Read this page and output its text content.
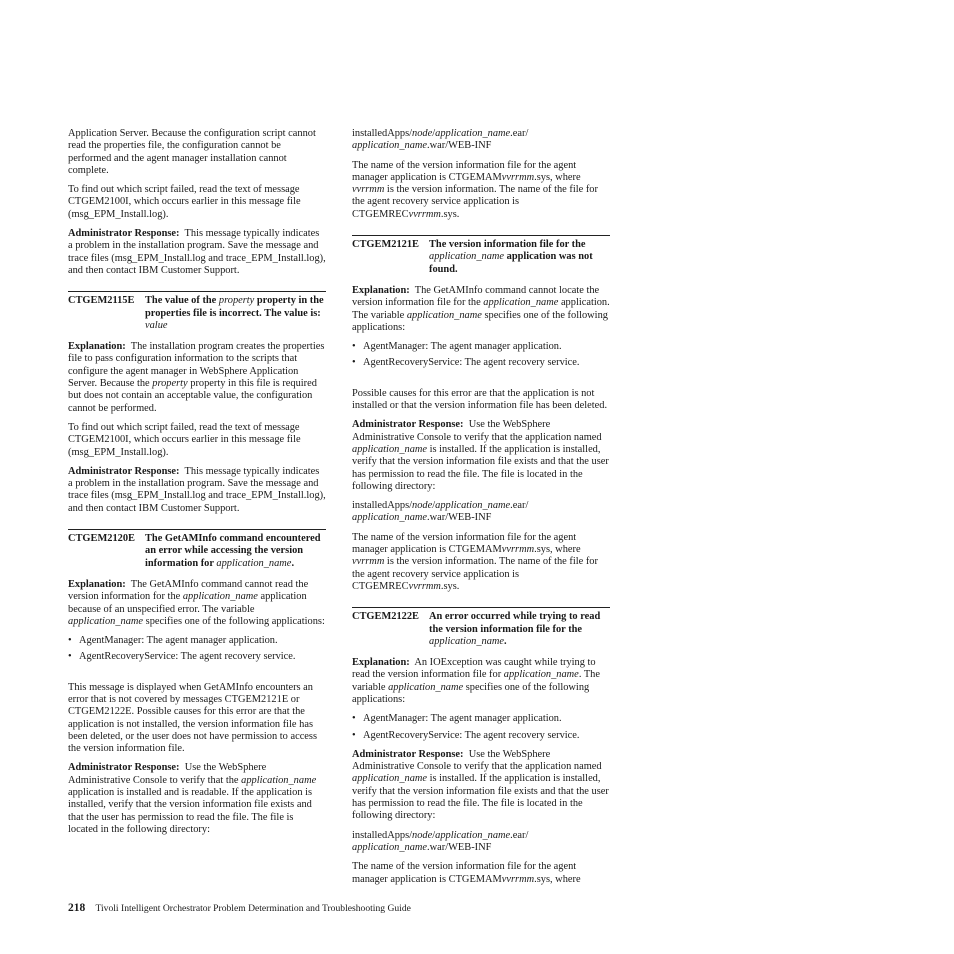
Application Server. Because the configuration script cannot read the properties file, the configuration cannot be performed and the agent manager installation cannot complete.

To find out which script failed, read the text of message CTGEM2100I, which occurs earlier in this message file (msg_EPM_Install.log).

Administrator Response: This message typically indicates a problem in the installation program. Save the message and trace files (msg_EPM_Install.log and trace_EPM_Install.log), and then contact IBM Customer Support.

CTGEM2115E	The value of the property property in the properties file is incorrect. The value is: value

Explanation: The installation program creates the properties file to pass configuration information to the scripts that configure the agent manager in WebSphere Application Server. Because the property property in this file is required but does not contain an acceptable value, the configuration cannot be performed.

To find out which script failed, read the text of message CTGEM2100I, which occurs earlier in this message file (msg_EPM_Install.log).

Administrator Response: This message typically indicates a problem in the installation program. Save the message and trace files (msg_EPM_Install.log and trace_EPM_Install.log), and then contact IBM Customer Support.

CTGEM2120E The GetAMInfo command encountered an error while accessing the version information for application_name.

Explanation: The GetAMInfo command cannot read the version information for the application_name application because of an unspecified error. The variable application_name specifies one of the following applications:

• AgentManager: The agent manager application.
• AgentRecoveryService: The agent recovery service.

This message is displayed when GetAMInfo encounters an error that is not covered by messages CTGEM2121E or CTGEM2122E. Possible causes for this error are that the application is not installed, the version information file has been deleted, or the user does not have permission to access the version information file.

Administrator Response: Use the WebSphere Administrative Console to verify that the application_name application is installed and is readable. If the application is installed, verify that the version information file exists and that the user has permission to read the file. The file is located in the following directory:

installedApps/node/application_name.ear/
application_name.war/WEB-INF

The name of the version information file for the agent manager application is CTGEMAMvvrrmm.sys, where vvrrmm is the version information. The name of the file for the agent recovery service application is CTGEMRECvvrrmm.sys.

CTGEM2121E The version information file for the application_name application was not found.

Explanation: The GetAMInfo command cannot locate the version information file for the application_name application. The variable application_name specifies one of the following applications:

• AgentManager: The agent manager application.
• AgentRecoveryService: The agent recovery service.

Possible causes for this error are that the application is not installed or that the version information file has been deleted.

Administrator Response: Use the WebSphere Administrative Console to verify that the application named application_name is installed. If the application is installed, verify that the version information file exists and that the user has permission to read the file. The file is located in the following directory:

installedApps/node/application_name.ear/
application_name.war/WEB-INF

The name of the version information file for the agent manager application is CTGEMAMvvrrmm.sys, where vvrrmm is the version information. The name of the file for the agent recovery service application is CTGEMRECvvrrmm.sys.

CTGEM2122E An error occurred while trying to read the version information file for the application_name.

Explanation: An IOException was caught while trying to read the version information file for application_name. The variable application_name specifies one of the following applications:

• AgentManager: The agent manager application.
• AgentRecoveryService: The agent recovery service.

Administrator Response: Use the WebSphere Administrative Console to verify that the application named application_name is installed. If the application is installed, verify that the version information file exists and that the user has permission to read the file. The file is located in the following directory:

installedApps/node/application_name.ear/
application_name.war/WEB-INF

The name of the version information file for the agent manager application is CTGEMAMvvrrmm.sys, where

218 Tivoli Intelligent Orchestrator Problem Determination and Troubleshooting Guide
